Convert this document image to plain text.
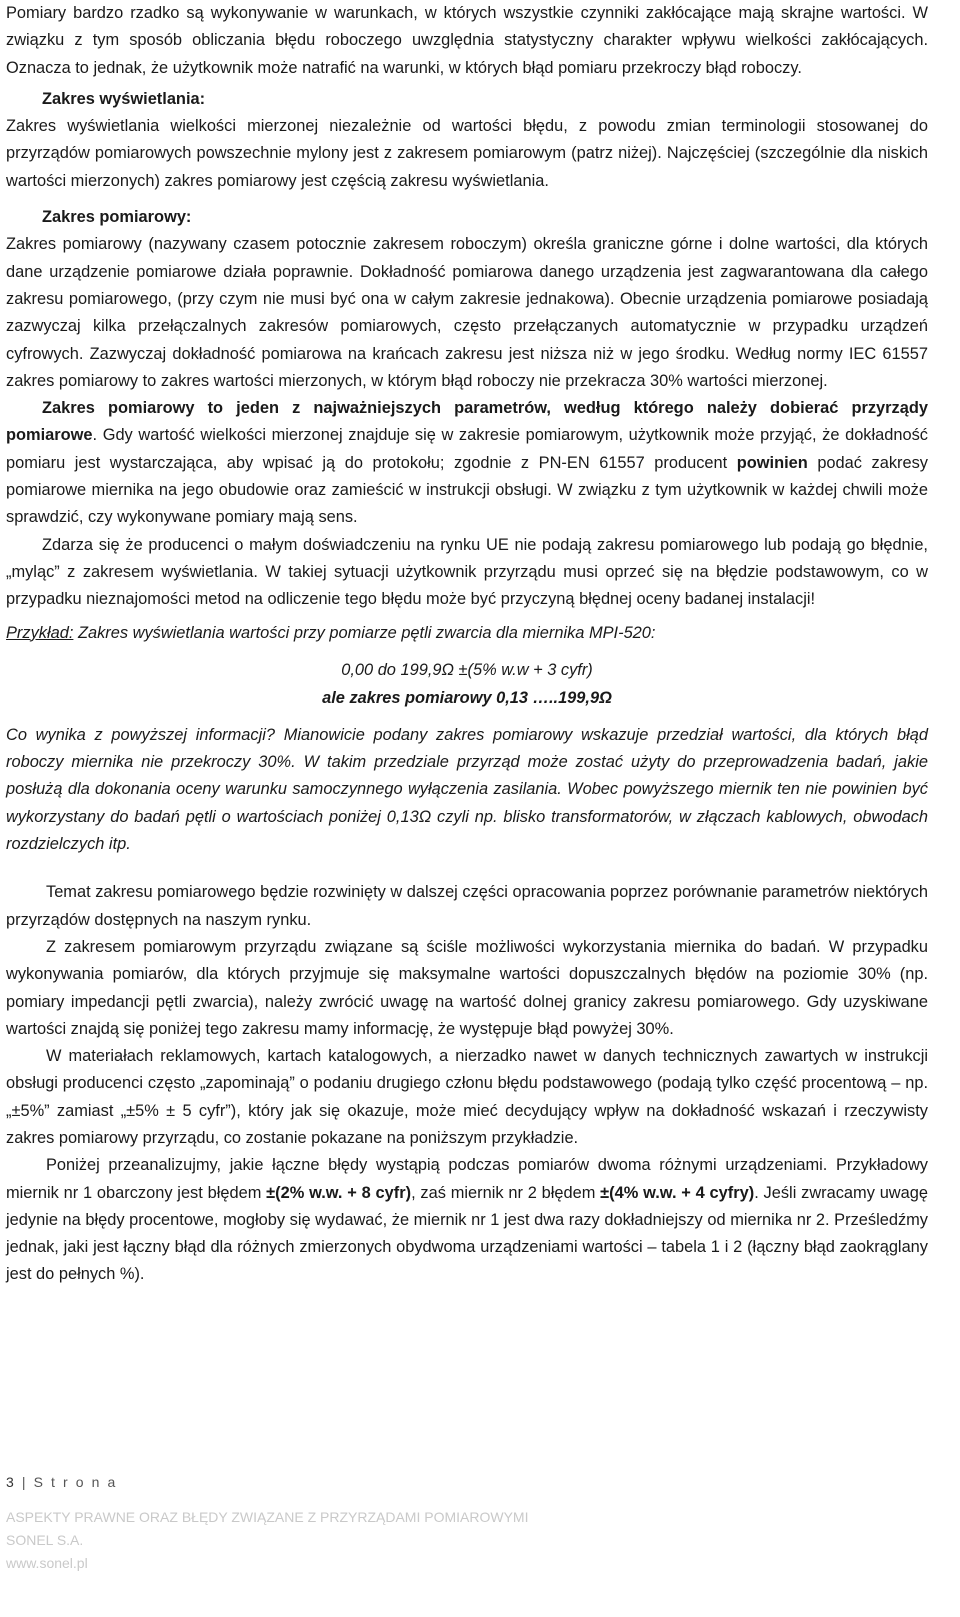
Pomiary bardzo rzadko są wykonywanie w warunkach, w których wszystkie czynniki zakłócające mają skrajne wartości. W związku z tym sposób obliczania błędu roboczego uwzględnia statystyczny charakter wpływu wielkości zakłócających. Oznacza to jednak, że użytkownik może natrafić na warunki, w których błąd pomiaru przekroczy błąd roboczy.

Zakres wyświetlania:

Zakres wyświetlania wielkości mierzonej niezależnie od wartości błędu, z powodu zmian terminologii stosowanej do przyrządów pomiarowych powszechnie mylony jest z zakresem pomiarowym (patrz niżej). Najczęściej (szczególnie dla niskich wartości mierzonych) zakres pomiarowy jest częścią zakresu wyświetlania.

Zakres pomiarowy:

Zakres pomiarowy (nazywany czasem potocznie zakresem roboczym) określa graniczne górne i dolne wartości, dla których dane urządzenie pomiarowe działa poprawnie. Dokładność pomiarowa danego urządzenia jest zagwarantowana dla całego zakresu pomiarowego, (przy czym nie musi być ona w całym zakresie jednakowa). Obecnie urządzenia pomiarowe posiadają zazwyczaj kilka przełączalnych zakresów pomiarowych, często przełączanych automatycznie w przypadku urządzeń cyfrowych. Zazwyczaj dokładność pomiarowa na krańcach zakresu jest niższa niż w jego środku. Według normy IEC 61557 zakres pomiarowy to zakres wartości mierzonych, w którym błąd roboczy nie przekracza 30% wartości mierzonej.

Zakres pomiarowy to jeden z najważniejszych parametrów, według którego należy dobierać przyrządy pomiarowe. Gdy wartość wielkości mierzonej znajduje się w zakresie pomiarowym, użytkownik może przyjąć, że dokładność pomiaru jest wystarczająca, aby wpisać ją do protokołu; zgodnie z PN-EN 61557 producent powinien podać zakresy pomiarowe miernika na jego obudowie oraz zamieścić w instrukcji obsługi. W związku z tym użytkownik w każdej chwili może sprawdzić, czy wykonywane pomiary mają sens.

Zdarza się że producenci o małym doświadczeniu na rynku UE nie podają zakresu pomiarowego lub podają go błędnie, „myląc” z zakresem wyświetlania. W takiej sytuacji użytkownik przyrządu musi oprzeć się na błędzie podstawowym, co w przypadku nieznajomości metod na odliczenie tego błędu może być przyczyną błędnej oceny badanej instalacji!

Przykład: Zakres wyświetlania wartości przy pomiarze pętli zwarcia dla miernika MPI-520:

0,00 do 199,9Ω ±(5% w.w + 3 cyfr)

ale zakres pomiarowy 0,13 …..199,9Ω

Co wynika z powyższej informacji? Mianowicie podany zakres pomiarowy wskazuje przedział wartości, dla których błąd roboczy miernika nie przekroczy 30%. W takim przedziale przyrząd może zostać użyty do przeprowadzenia badań, jakie posłużą dla dokonania oceny warunku samoczynnego wyłączenia zasilania. Wobec powyższego miernik ten nie powinien być wykorzystany do badań pętli o wartościach poniżej 0,13Ω czyli np. blisko transformatorów, w złączach kablowych, obwodach rozdzielczych itp.

Temat zakresu pomiarowego będzie rozwinięty w dalszej części opracowania poprzez porównanie parametrów niektórych przyrządów dostępnych na naszym rynku.

Z zakresem pomiarowym przyrządu związane są ściśle możliwości wykorzystania miernika do badań. W przypadku wykonywania pomiarów, dla których przyjmuje się maksymalne wartości dopuszczalnych błędów na poziomie 30% (np. pomiary impedancji pętli zwarcia), należy zwrócić uwagę na wartość dolnej granicy zakresu pomiarowego. Gdy uzyskiwane wartości znajdą się poniżej tego zakresu mamy informację, że występuje błąd powyżej 30%.

W materiałach reklamowych, kartach katalogowych, a nierzadko nawet w danych technicznych zawartych w instrukcji obsługi producenci często „zapominają” o podaniu drugiego członu błędu podstawowego (podają tylko część procentową – np. „±5%” zamiast „±5% ± 5 cyfr”), który jak się okazuje, może mieć decydujący wpływ na dokładność wskazań i rzeczywisty zakres pomiarowy przyrządu, co zostanie pokazane na poniższym przykładzie.

Poniżej przeanalizujmy, jakie łączne błędy wystąpią podczas pomiarów dwoma różnymi urządzeniami. Przykładowy miernik nr 1 obarczony jest błędem ±(2% w.w. + 8 cyfr), zaś miernik nr 2 błędem ±(4% w.w. + 4 cyfry). Jeśli zwracamy uwagę jedynie na błędy procentowe, mogłoby się wydawać, że miernik nr 1 jest dwa razy dokładniejszy od miernika nr 2. Prześledźmy jednak, jaki jest łączny błąd dla różnych zmierzonych obydwoma urządzeniami wartości – tabela 1 i 2 (łączny błąd zaokrąglany jest do pełnych %).

3 | S t r o n a
ASPEKTY PRAWNE ORAZ BŁĘDY ZWIĄZANE Z PRZYRZĄDAMI POMIAROWYMI
SONEL S.A.
www.sonel.pl
